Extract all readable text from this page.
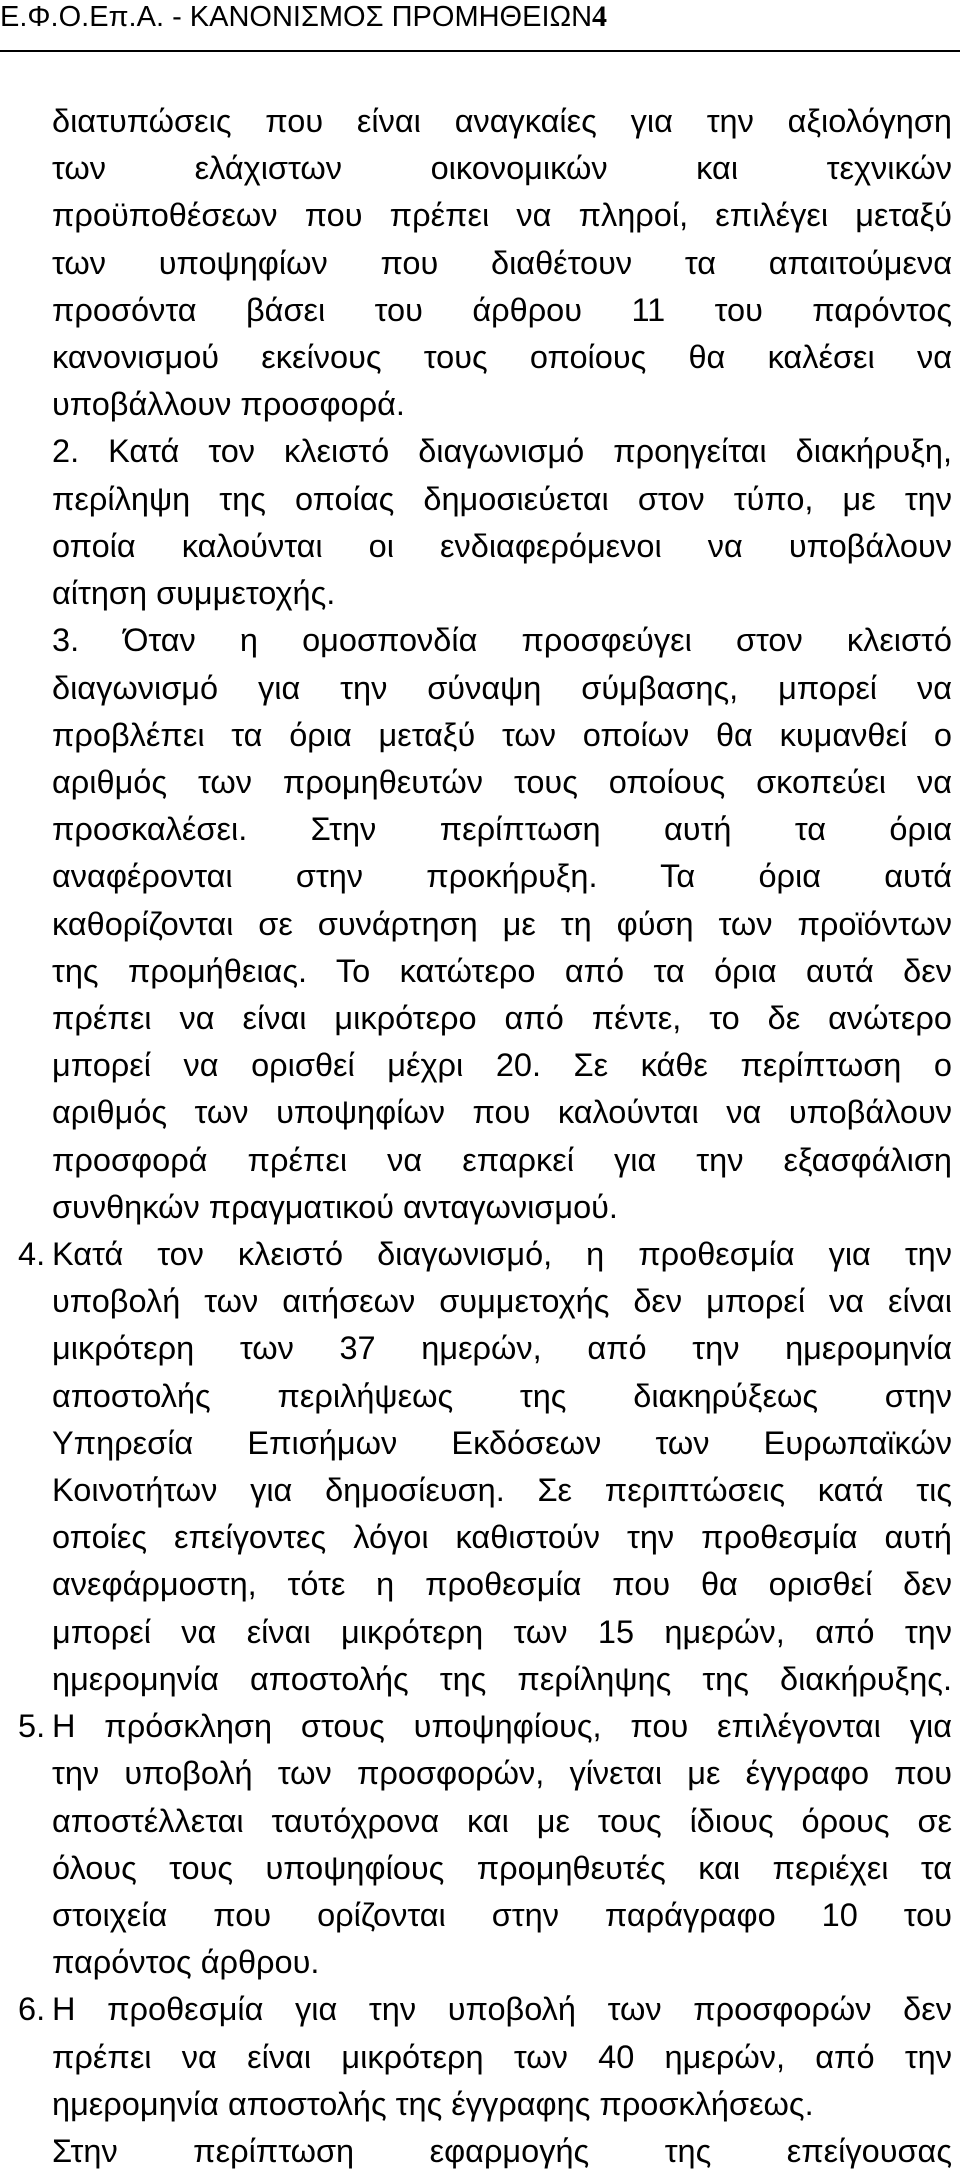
Ε.Φ.Ο.Επ.Α. - ΚΑΝΟΝΙΣΜΟΣ ΠΡΟΜΗΘΕΙΩΝ 4
διατυπώσεις που είναι αναγκαίες για την αξιολόγηση
των ελάχιστων οικονομικών και τεχνικών
προϋποθέσεων που πρέπει να πληροί, επιλέγει μεταξύ
των υποψηφίων που διαθέτουν τα απαιτούμενα
προσόντα βάσει του άρθρου 11 του παρόντος
κανονισμού εκείνους τους οποίους θα καλέσει να
υποβάλλουν προσφορά.
2. Κατά τον κλειστό διαγωνισμό προηγείται διακήρυξη,
περίληψη της οποίας δημοσιεύεται στον τύπο, με την
οποία καλούνται οι ενδιαφερόμενοι να υποβάλουν
αίτηση συμμετοχής.
3. Όταν η ομοσπονδία προσφεύγει στον κλειστό
διαγωνισμό για την σύναψη σύμβασης, μπορεί να
προβλέπει τα όρια μεταξύ των οποίων θα κυμανθεί ο
αριθμός των προμηθευτών τους οποίους σκοπεύει να
προσκαλέσει. Στην περίπτωση αυτή τα όρια
αναφέρονται στην προκήρυξη. Τα όρια αυτά
καθορίζονται σε συνάρτηση με τη φύση των προϊόντων
της προμήθειας. Το κατώτερο από τα όρια αυτά δεν
πρέπει να είναι μικρότερο από πέντε, το δε ανώτερο
μπορεί να ορισθεί μέχρι 20. Σε κάθε περίπτωση ο
αριθμός των υποψηφίων που καλούνται να υποβάλουν
προσφορά πρέπει να επαρκεί για την εξασφάλιση
συνθηκών πραγματικού ανταγωνισμού.
4. Κατά τον κλειστό διαγωνισμό, η προθεσμία για την
υποβολή των αιτήσεων συμμετοχής δεν μπορεί να είναι
μικρότερη των 37 ημερών, από την ημερομηνία
αποστολής περιλήψεως της διακηρύξεως στην
Υπηρεσία Επισήμων Εκδόσεων των Ευρωπαϊκών
Κοινοτήτων για δημοσίευση. Σε περιπτώσεις κατά τις
οποίες επείγοντες λόγοι καθιστούν την προθεσμία αυτή
ανεφάρμοστη, τότε η προθεσμία που θα ορισθεί δεν
μπορεί να είναι μικρότερη των 15 ημερών, από την
ημερομηνία αποστολής της περίληψης της διακήρυξης.
5. Η πρόσκληση στους υποψηφίους, που επιλέγονται για
την υποβολή των προσφορών, γίνεται με έγγραφο που
αποστέλλεται ταυτόχρονα και με τους ίδιους όρους σε
όλους τους υποψηφίους προμηθευτές και περιέχει τα
στοιχεία που ορίζονται στην παράγραφο 10 του
παρόντος άρθρου.
6. Η προθεσμία για την υποβολή των προσφορών δεν
πρέπει να είναι μικρότερη των 40 ημερών, από την
ημερομηνία αποστολής της έγγραφης προσκλήσεως.
Στην περίπτωση εφαρμογής της επείγουσας
